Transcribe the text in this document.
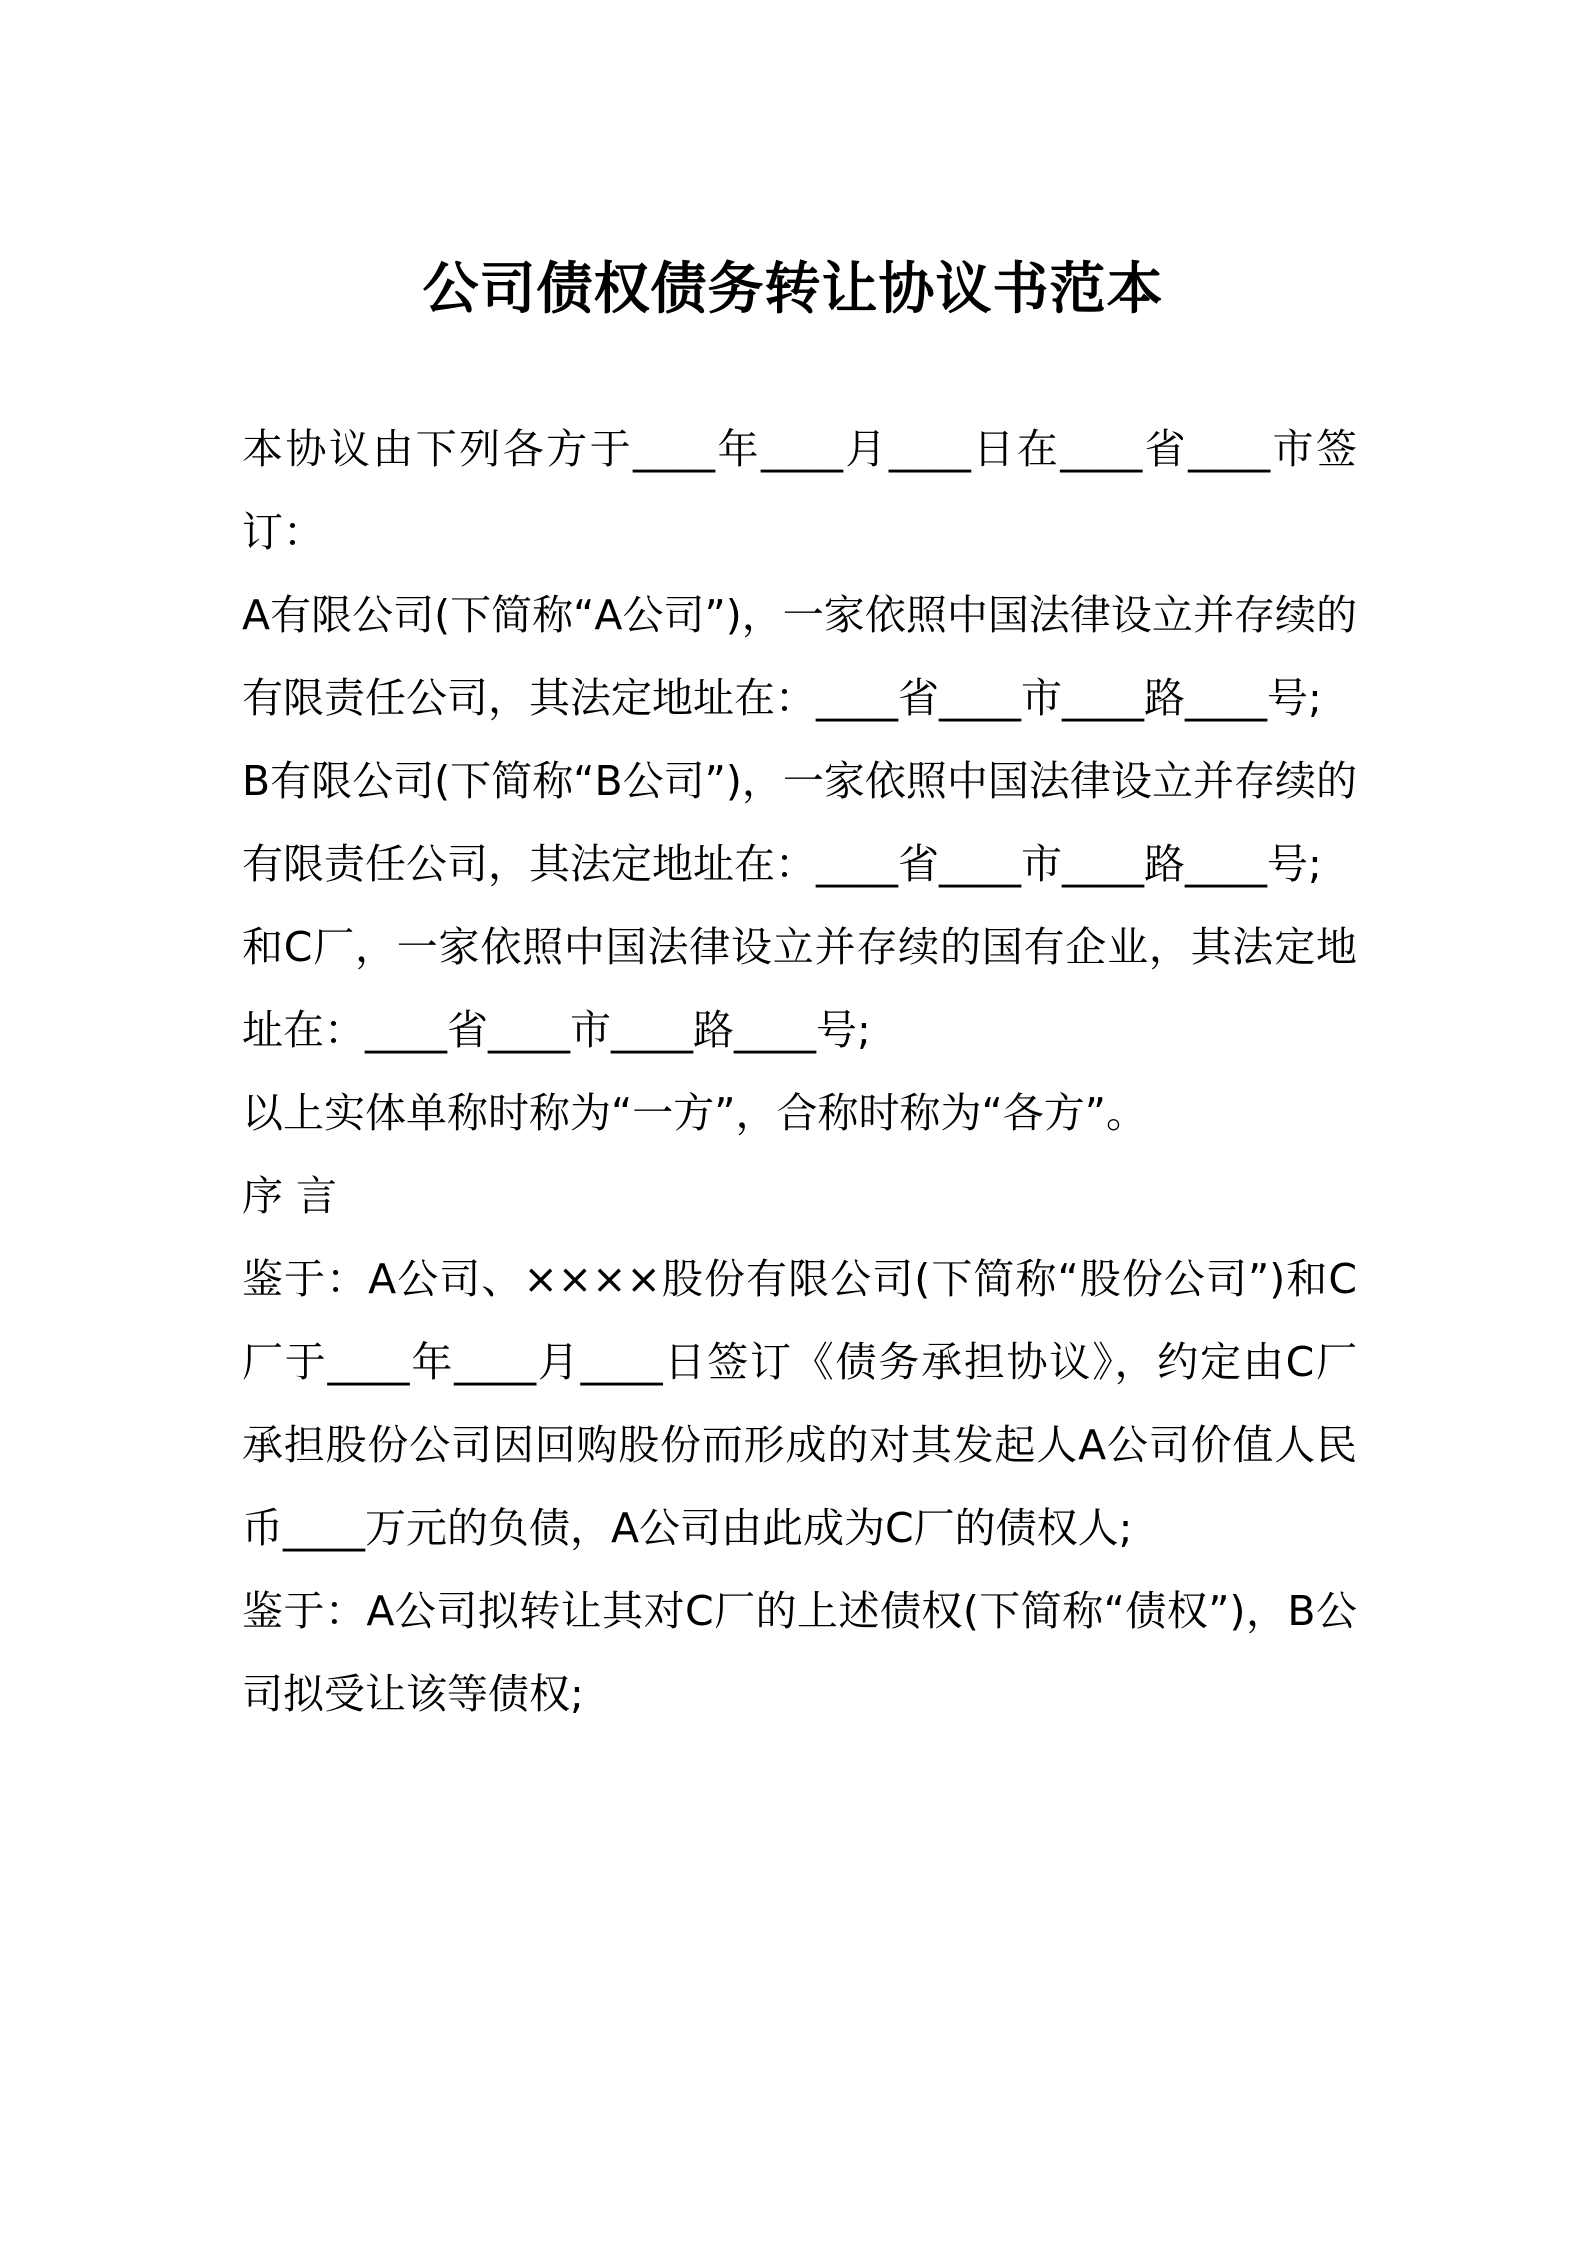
公司债权债务转让协议书范本

本协议由下列各方于____年____月____日在____省____市签订：

A有限公司(下简称“A公司”)，一家依照中国法律设立并存续的有限责任公司，其法定地址在：____省____市____路____号;

B有限公司(下简称“B公司”)，一家依照中国法律设立并存续的有限责任公司，其法定地址在：____省____市____路____号;

和C厂，一家依照中国法律设立并存续的国有企业，其法定地址在：____省____市____路____号;

以上实体单称时称为“一方”，合称时称为“各方”。

序 言

鉴于：A公司、××××股份有限公司(下简称“股份公司”)和C厂于____年____月____日签订《债务承担协议》，约定由C厂承担股份公司因回购股份而形成的对其发起人A公司价值人民币____万元的负债，A公司由此成为C厂的债权人;

鉴于：A公司拟转让其对C厂的上述债权(下简称“债权”)，B公司拟受让该等债权;
